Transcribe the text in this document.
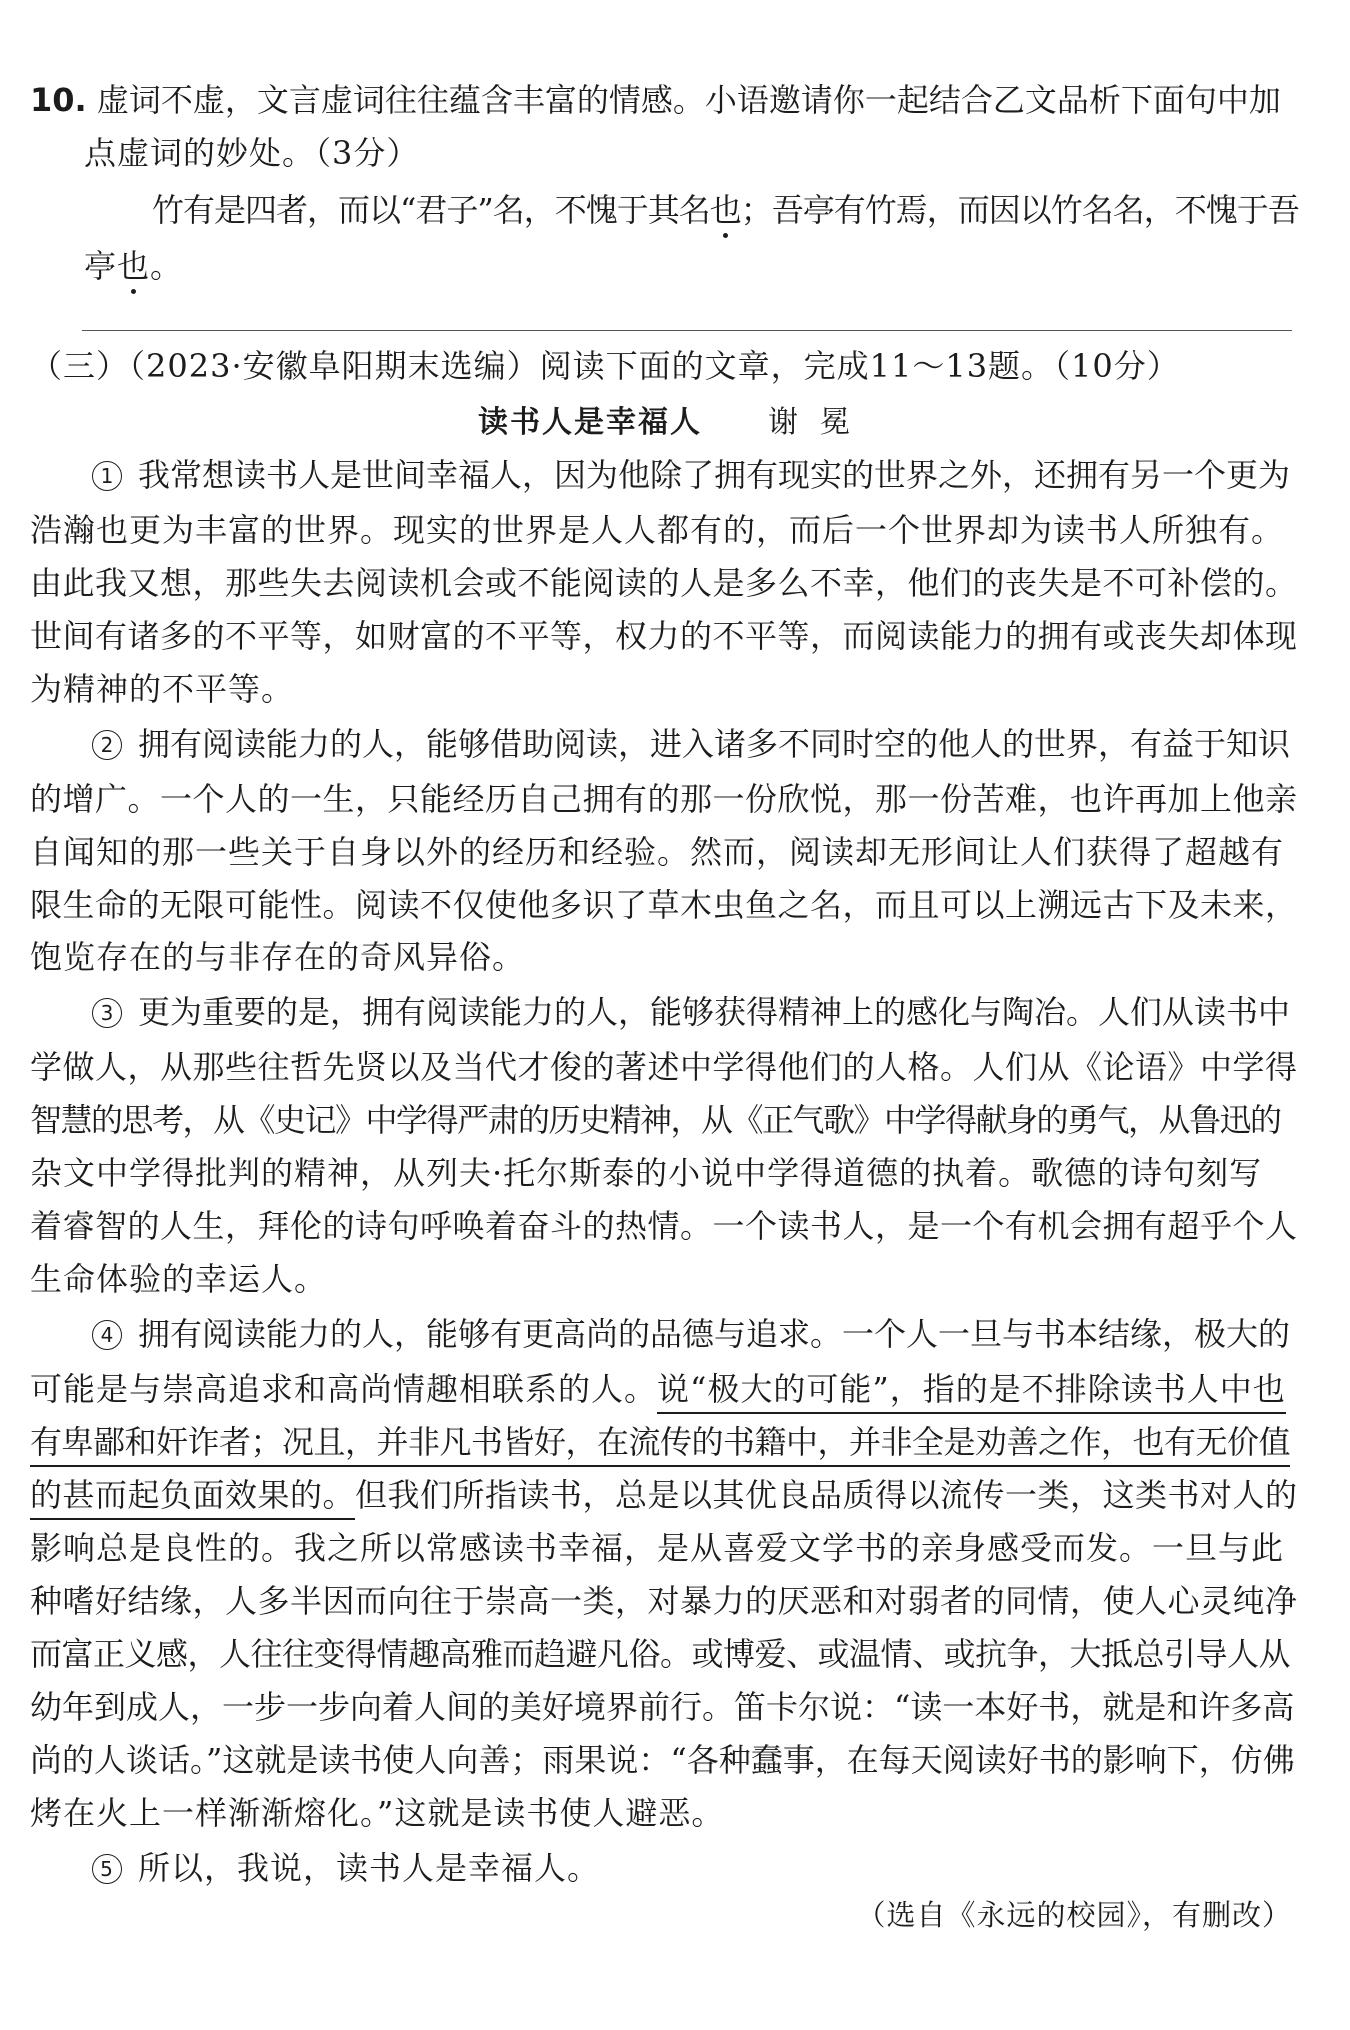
10. 虚词不虚，文言虚词往往蕴含丰富的情感。小语邀请你一起结合乙文品析下面句中加
点虚词的妙处。（3分）
竹有是四者，而以“君子”名，不愧于其名也；吾亭有竹焉，而因以竹名名，不愧于吾
亭也。
（三）（2023·安徽阜阳期末选编）阅读下面的文章，完成11～13题。（10分）
读书人是幸福人 谢冕
1 我常想读书人是世间幸福人，因为他除了拥有现实的世界之外，还拥有另一个更为
浩瀚也更为丰富的世界。现实的世界是人人都有的，而后一个世界却为读书人所独有。
由此我又想，那些失去阅读机会或不能阅读的人是多么不幸，他们的丧失是不可补偿的。
世间有诸多的不平等，如财富的不平等，权力的不平等，而阅读能力的拥有或丧失却体现
为精神的不平等。
2 拥有阅读能力的人，能够借助阅读，进入诸多不同时空的他人的世界，有益于知识
的增广。一个人的一生，只能经历自己拥有的那一份欣悦，那一份苦难，也许再加上他亲
自闻知的那一些关于自身以外的经历和经验。然而，阅读却无形间让人们获得了超越有
限生命的无限可能性。阅读不仅使他多识了草木虫鱼之名，而且可以上溯远古下及未来，
饱览存在的与非存在的奇风异俗。
3 更为重要的是，拥有阅读能力的人，能够获得精神上的感化与陶冶。人们从读书中
学做人，从那些往哲先贤以及当代才俊的著述中学得他们的人格。人们从《论语》中学得
智慧的思考，从《史记》中学得严肃的历史精神，从《正气歌》中学得献身的勇气，从鲁迅的
杂文中学得批判的精神，从列夫·托尔斯泰的小说中学得道德的执着。歌德的诗句刻写
着睿智的人生，拜伦的诗句呼唤着奋斗的热情。一个读书人，是一个有机会拥有超乎个人
生命体验的幸运人。
4 拥有阅读能力的人，能够有更高尚的品德与追求。一个人一旦与书本结缘，极大的
可能是与崇高追求和高尚情趣相联系的人。说“极大的可能”，指的是不排除读书人中也
有卑鄙和奸诈者；况且，并非凡书皆好，在流传的书籍中，并非全是劝善之作，也有无价值
的甚而起负面效果的。但我们所指读书，总是以其优良品质得以流传一类，这类书对人的
影响总是良性的。我之所以常感读书幸福，是从喜爱文学书的亲身感受而发。一旦与此
种嗜好结缘，人多半因而向往于崇高一类，对暴力的厌恶和对弱者的同情，使人心灵纯净
而富正义感，人往往变得情趣高雅而趋避凡俗。或博爱、或温情、或抗争，大抵总引导人从
幼年到成人，一步一步向着人间的美好境界前行。笛卡尔说：“读一本好书，就是和许多高
尚的人谈话。”这就是读书使人向善；雨果说：“各种蠢事，在每天阅读好书的影响下，仿佛
烤在火上一样渐渐熔化。”这就是读书使人避恶。
5 所以，我说，读书人是幸福人。
（选自《永远的校园》，有删改）
